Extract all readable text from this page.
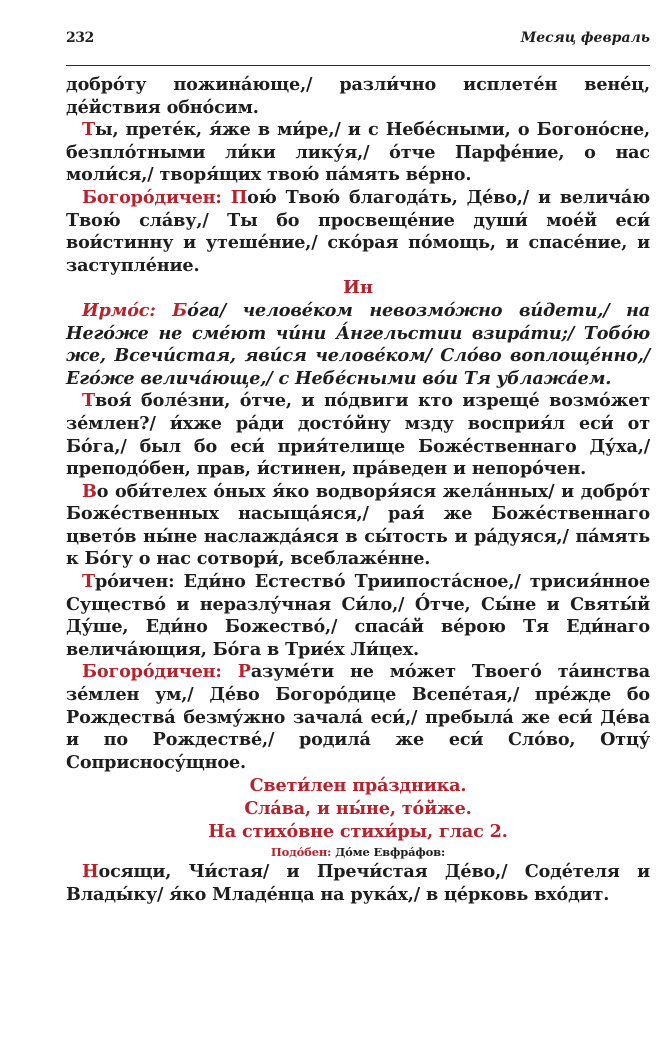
232	Месяц февраль

добро́ту пожина́юще,/ разли́чно исплете́н вене́ц, де́йствия обно́сим.

Ты, прете́к, я́же в ми́ре,/ и с Небе́сными, о Богоно́сне, безпло́тными ли́ки лику́я,/ о́тче Парфе́ние, о нас моли́ся,/ творя́щих твою́ па́мять ве́рно.

Богоро́дичен: Пою́ Твою́ благода́ть, Де́во,/ и велича́ю Твою́ сла́ву,/ Ты бо просвеще́ние души́ мое́й еси́ вои́стинну и утеше́ние,/ ско́рая по́мощь, и спасе́ние, и заступле́ние.

Ин

Ирмо́с: Бо́га/ челове́ком невозмо́жно ви́дети,/ на Него́же не сме́ют чи́ни А́нгельстии взира́ти;/ Тобо́ю же, Всечи́стая, яви́ся челове́ком/ Сло́во воплоще́нно,/ Его́же велича́юще,/ с Небе́сными во́и Тя ублажа́ем.

Твоя́ боле́зни, о́тче, и по́двиги кто изреще́ возмо́жет зе́млен?/ и́хже ра́ди досто́йну мзду восприя́л еси́ от Бо́га,/ был бо еси́ прия́телище Боже́ственнаго Ду́ха,/ преподо́бен, прав, и́стинен, пра́веден и непоро́чен.

Во оби́телех о́ных я́ко водворя́яся жела́нных/ и добро́т Боже́ственных насыща́яся,/ рая́ же Боже́ственнаго цвето́в ны́не наслажда́яся в сы́тость и ра́дуяся,/ па́мять к Бо́гу о нас сотвори́, всеблаже́нне.

Тро́ичен: Еди́но Естество́ Триипоста́сное,/ трисия́нное Существо́ и неразлу́чная Си́ло,/ О́тче, Сы́не и Святы́й Ду́ше, Еди́но Божество́,/ спаса́й ве́рою Тя Еди́наго велича́ющия, Бо́га в Трие́х Ли́цех.

Богоро́дичен: Разуме́ти не мо́жет Твоего́ та́инства зе́млен ум,/ Де́во Богоро́дице Всепе́тая,/ пре́жде бо Рождества́ безму́жно зачала́ еси́,/ пребыла́ же еси́ Де́ва и по Рождестве́,/ родила́ же еси́ Сло́во, Отцу́ Соприсносу́щное.

Свети́лен пра́здника.

Сла́ва, и ны́не, то́йже.

На стихо́вне стихи́ры, глас 2.

Подо́бен: До́ме Евфра́фов:

Носящи, Чи́стая/ и Пречи́стая Де́во,/ Соде́теля и Влады́ку/ я́ко Младе́нца на рука́х,/ в це́рковь вхо́дит.
